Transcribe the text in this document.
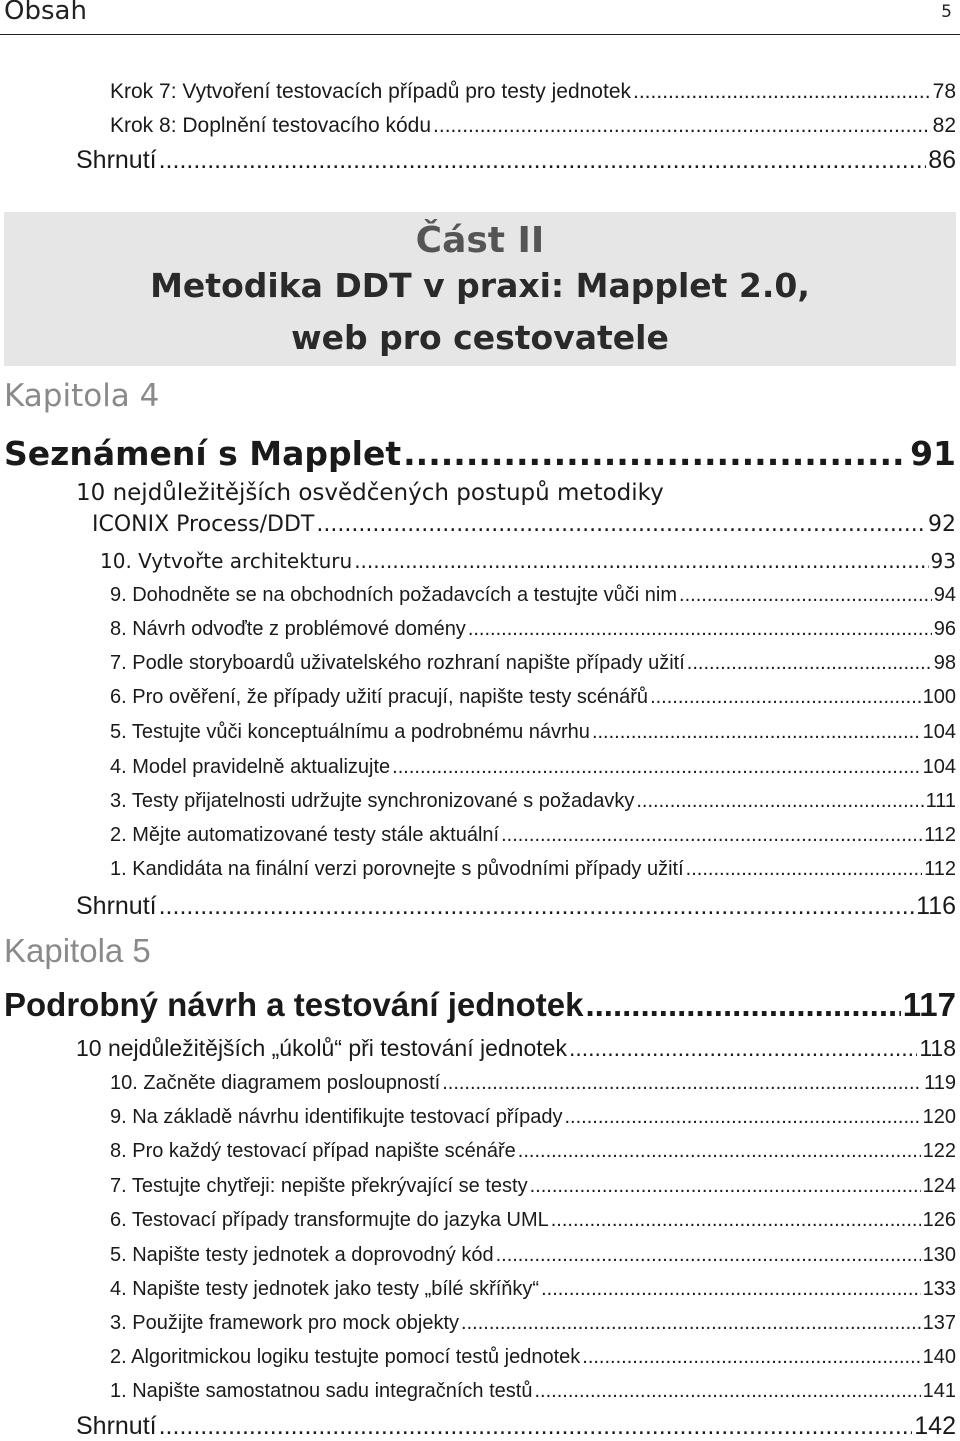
Obsah	5
Krok 7: Vytvoření testovacích případů pro testy jednotek .....	78
Krok 8: Doplnění testovacího kódu .....	82
Shrnutí .....	86
Část II
Metodika DDT v praxi: Mapplet 2.0,
web pro cestovatele
Kapitola 4
Seznámení s Mapplet .....	91
10 nejdůležitějších osvědčených postupů metodiky
ICONIX Process/DDT .....	92
10. Vytvořte architekturu .....	93
9. Dohodněte se na obchodních požadavcích a testujte vůči nim .....	94
8. Návrh odvoďte z problémové domény .....	96
7. Podle storyboardů uživatelského rozhraní napište případy užití .....	98
6. Pro ověření, že případy užití pracují, napište testy scénářů .....	100
5. Testujte vůči konceptuálnímu a podrobnému návrhu .....	104
4. Model pravidelně aktualizujte .....	104
3. Testy přijatelnosti udržujte synchronizované s požadavky .....	111
2. Mějte automatizované testy stále aktuální .....	112
1. Kandidáta na finální verzi porovnejte s původními případy užití .....	112
Shrnutí .....	116
Kapitola 5
Podrobný návrh a testování jednotek .....	117
10 nejdůležitějších „úkolů“ při testování jednotek .....	118
10. Začněte diagramem posloupností .....	119
9. Na základě návrhu identifikujte testovací případy .....	120
8. Pro každý testovací případ napište scénáře .....	122
7. Testujte chytřeji: nepište překrývající se testy .....	124
6. Testovací případy transformujte do jazyka UML .....	126
5. Napište testy jednotek a doprovodný kód .....	130
4. Napište testy jednotek jako testy „bílé skříňky“ .....	133
3. Použijte framework pro mock objekty .....	137
2. Algoritmickou logiku testujte pomocí testů jednotek .....	140
1. Napište samostatnou sadu integračních testů .....	141
Shrnutí .....	142
